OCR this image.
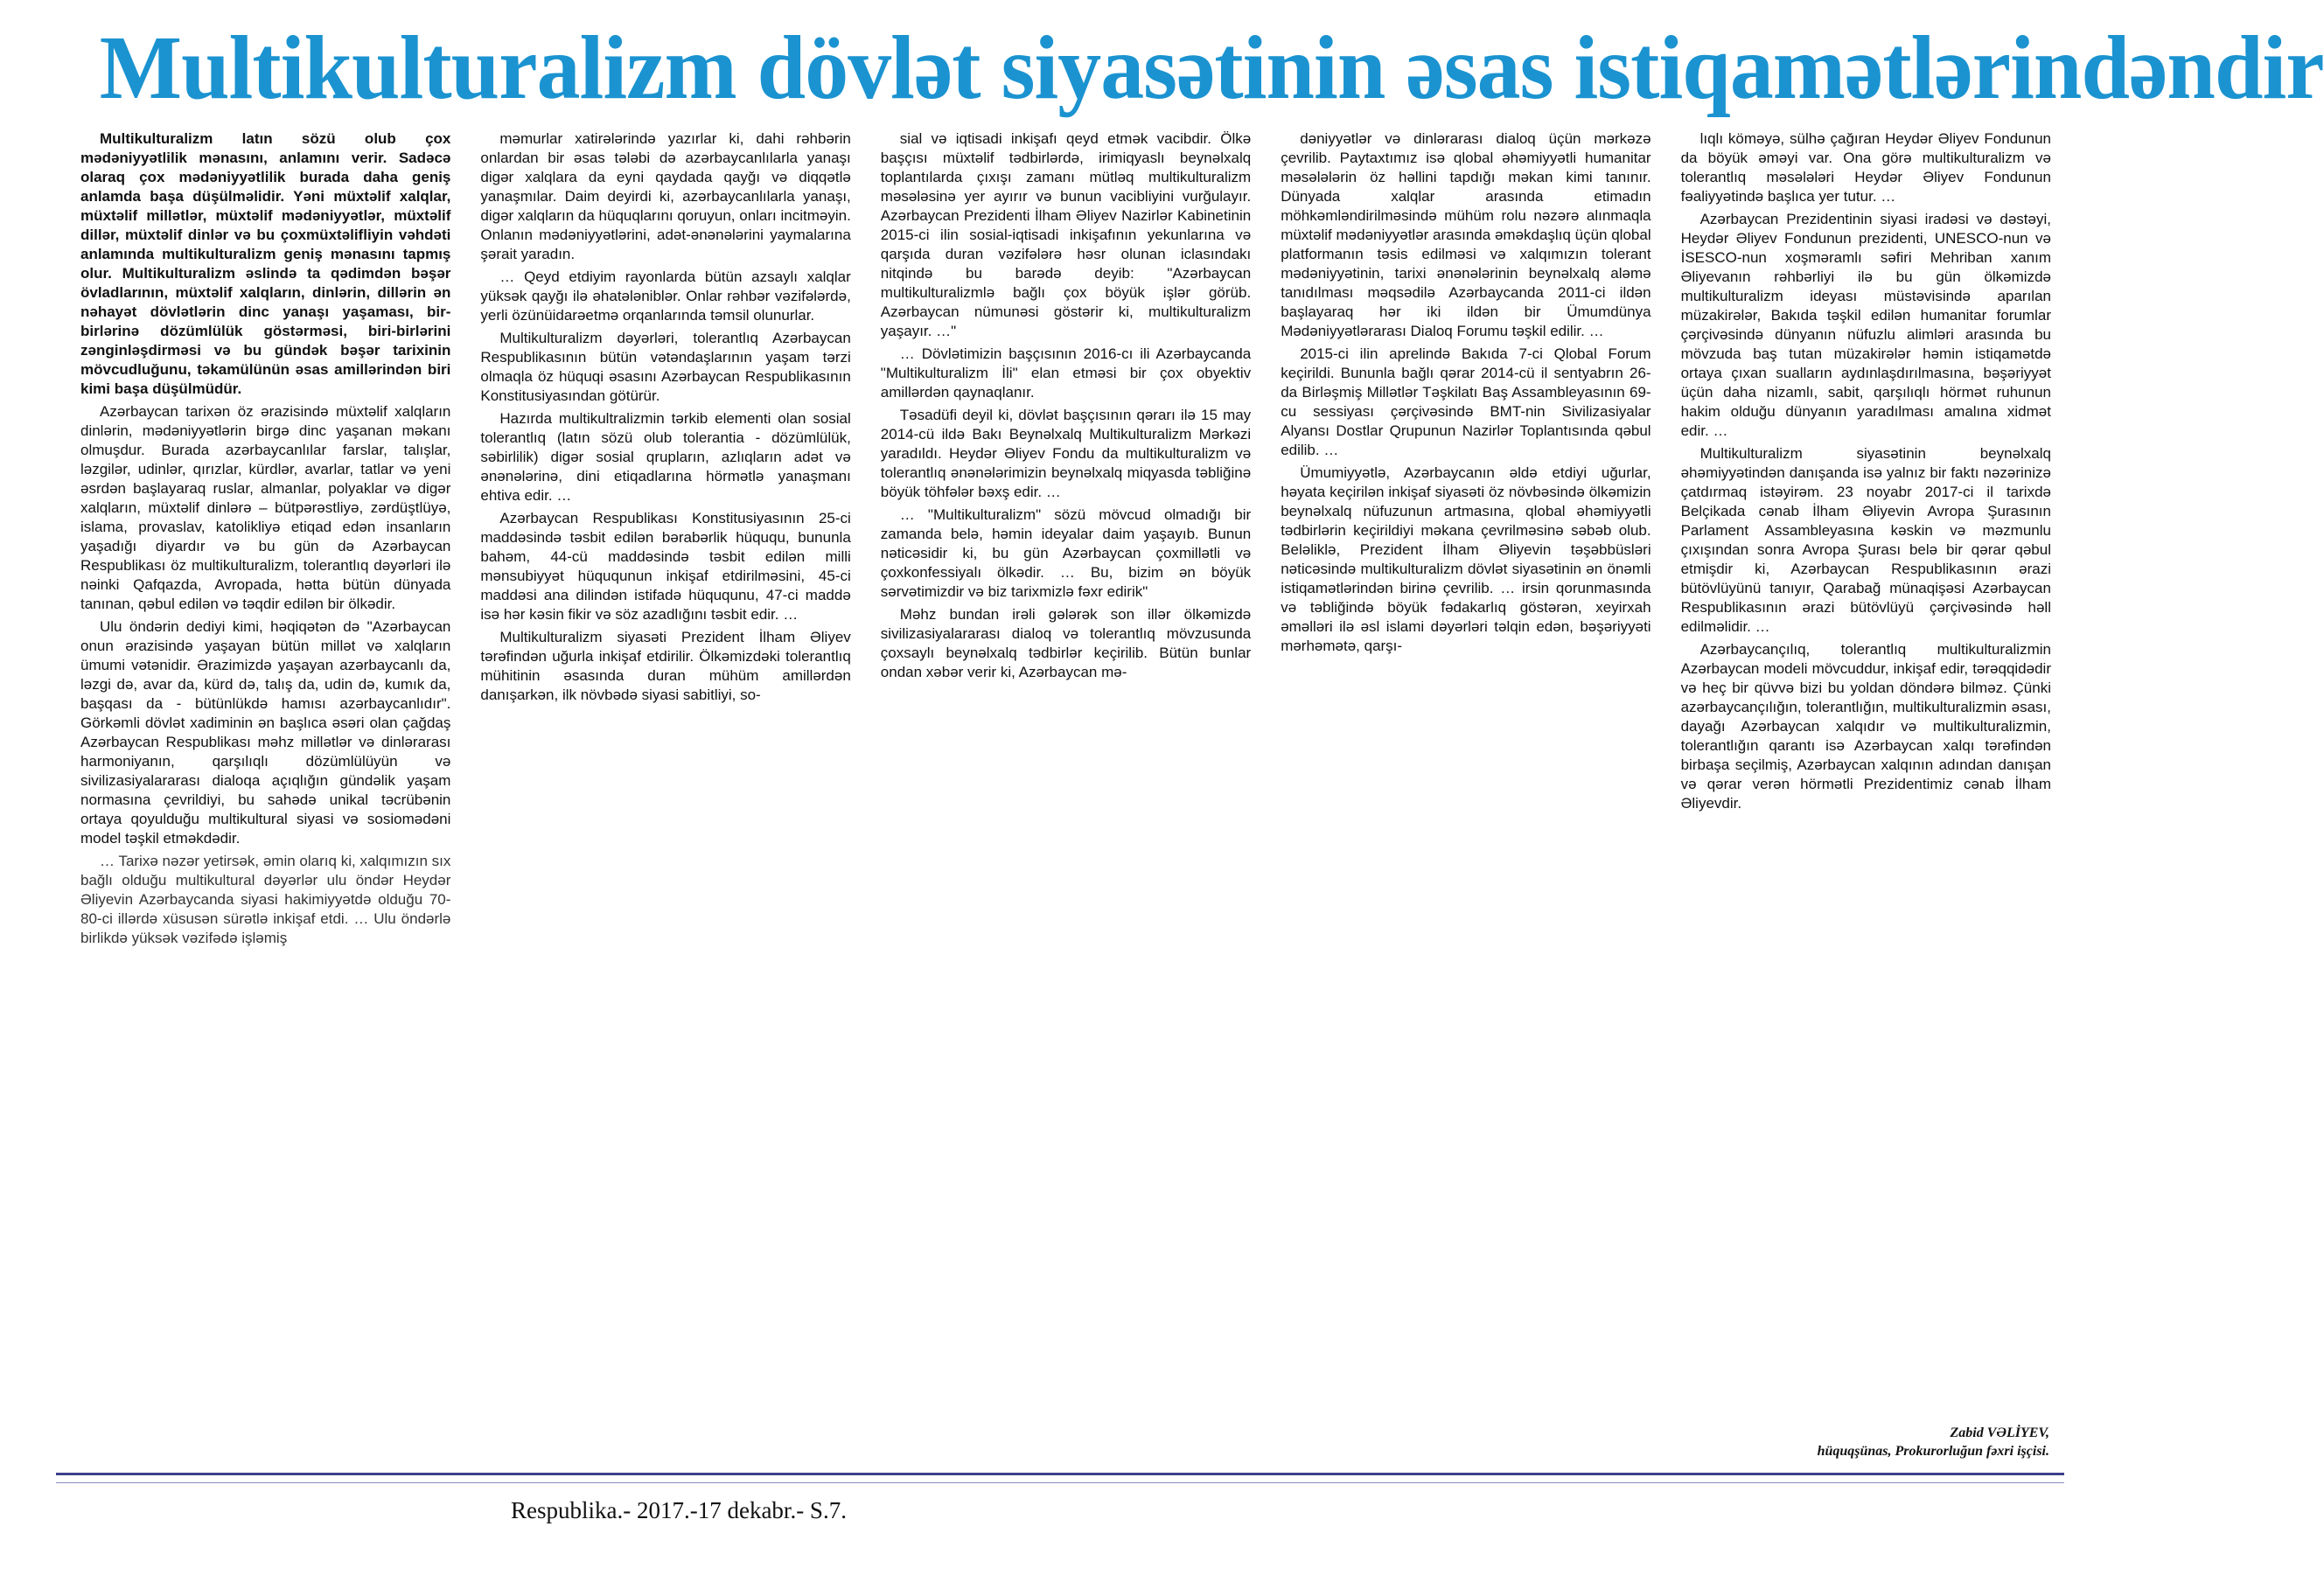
Multikulturalizm dövlət siyasətinin əsas istiqamətlərindəndir

Multikulturalizm latın sözü olub çox mədəniyyətlilik mənasını, anlamını verir. Sadəcə olaraq çox mədəniyyətlilik burada daha geniş anlamda başa düşülməlidir. Yəni müxtəlif xalqlar, müxtəlif millətlər, müxtəlif mədəniyyətlər, müxtəlif dillər, müxtəlif dinlər və bu çoxmüxtəlifliyin vəhdəti anlamında multikulturalizm geniş mənasını tapmış olur. Multikulturalizm əslində ta qədimdən bəşər övladlarının, müxtəlif xalqların, dinlərin, dillərin ən nəhayət dövlətlərin dinc yanaşı yaşaması, bir-birlərinə dözümlülük göstərməsi, biri-birlərini zənginləşdirməsi və bu gündək bəşər tarixinin mövcudluğunu, təkamülünün əsas amillərindən biri kimi başa düşülmüdür.

Azərbaycan tarixən öz ərazisində müxtəlif xalqların dinlərin, mədəniyyətlərin birgə dinc yaşanan məkanı olmuşdur. Burada azərbaycanlılar farslar, talışlar, ləzgilər, udinlər, qırızlar, kürdlər, avarlar, tatlar və yeni əsrdən başlayaraq ruslar, almanlar, polyaklar və digər xalqların, müxtəlif dinlərə – bütpərəstliyə, zərdüştlüyə, islama, provaslav, katolikliyə etiqad edən insanların yaşadığı diyardır və bu gün də Azərbaycan Respublikası öz multikulturalizm, tolerantlıq dəyərləri ilə nəinki Qafqazda, Avropada, hətta bütün dünyada tanınan, qəbul edilən və təqdir edilən bir ölkədir.

Ulu öndərin dediyi kimi, həqiqətən də "Azərbaycan onun ərazisində yaşayan bütün millət və xalqların ümumi vətənidir. Ərazimizdə yaşayan azərbaycanlı da, ləzgi də, avar da, kürd də, talış da, udin də, kumık da, başqası da - bütünlükdə hamısı azərbaycanlıdır". Görkəmli dövlət xadiminin ən başlıca əsəri olan çağdaş Azərbaycan Respublikası məhz millətlər və dinlərarası harmoniyanın, qarşılıqlı dözümlülüyün və sivilizasiyalararası dialoqa açıqlığın gündəlik yaşam normasına çevrildiyi, bu sahədə unikal təcrübənin ortaya qoyulduğu multikultural siyasi və sosiomədəni model təşkil etməkdədir.

… Tarixə nəzər yetirsək, əmin olarıq ki, xalqımızın sıx bağlı olduğu multikultural dəyərlər ulu öndər Heydər Əliyevin Azərbaycanda siyasi hakimiyyətdə olduğu 70-80-ci illərdə xüsusən sürətlə inkişaf etdi. … Ulu öndərlə birlikdə yüksək vəzifədə işləmiş

məmurlar xatirələrində yazırlar ki, dahi rəhbərin onlardan bir əsas tələbi də azərbaycanlılarla yanaşı digər xalqlara da eyni qaydada qayğı və diqqətlə yanaşmılar. Daim deyirdi ki, azərbaycanlılarla yanaşı, digər xalqların da hüquqlarını qoruyun, onları incitməyin. Onlanın mədəniyyətlərini, adət-ənənələrini yaymalarına şərait yaradın.

… Qeyd etdiyim rayonlarda bütün azsaylı xalqlar yüksək qayğı ilə əhatələniblər. Onlar rəhbər vəzifələrdə, yerli özünüidarəetmə orqanlarında təmsil olunurlar.

Multikulturalizm dəyərləri, tolerantlıq Azərbaycan Respublikasının bütün vətəndaşlarının yaşam tərzi olmaqla öz hüquqi əsasını Azərbaycan Respublikasının Konstitusiyasından götürür.

Hazırda multikultralizmin tərkib elementi olan sosial tolerantlıq (latın sözü olub tolerantia - dözümlülük, səbirlilik) digər sosial qrupların, azlıqların adət və ənənələrinə, dini etiqadlarına hörmətlə yanaşmanı ehtiva edir. …

Azərbaycan Respublikası Konstitusiyasının 25-ci maddəsində təsbit edilən bərabərlik hüququ, bununla bahəm, 44-cü maddəsində təsbit edilən milli mənsubiyyət hüququnun inkişaf etdirilməsini, 45-ci maddəsi ana dilindən istifadə hüququnu, 47-ci maddə isə hər kəsin fikir və söz azadlığını təsbit edir. …

Multikulturalizm siyasəti Prezident İlham Əliyev tərəfindən uğurla inkişaf etdirilir. Ölkəmizdəki tolerantlıq mühitinin əsasında duran mühüm amillərdən danışarkən, ilk növbədə siyasi sabitliyi, so-

sial və iqtisadi inkişafı qeyd etmək vacibdir. Ölkə başçısı müxtəlif tədbirlərdə, irimiqyaslı beynəlxalq toplantılarda çıxışı zamanı mütləq multikulturalizm məsələsinə yer ayırır və bunun vacibliyini vurğulayır. Azərbaycan Prezidenti İlham Əliyev Nazirlər Kabinetinin 2015-ci ilin sosial-iqtisadi inkişafının yekunlarına və qarşıda duran vəzifələrə həsr olunan iclasındakı nitqində bu barədə deyib: "Azərbaycan multikulturalizmlə bağlı çox böyük işlər görüb. Azərbaycan nümunəsi göstərir ki, multikulturalizm yaşayır. …"

… Dövlətimizin başçısının 2016-cı ili Azərbaycanda "Multikulturalizm İli" elan etməsi bir çox obyektiv amillərdən qaynaqlanır.

Təsadüfi deyil ki, dövlət başçısının qərarı ilə 15 may 2014-cü ildə Bakı Beynəlxalq Multikulturalizm Mərkəzi yaradıldı. Heydər Əliyev Fondu da multikulturalizm və tolerantlıq ənənələrimizin beynəlxalq miqyasda təbliğinə böyük töhfələr bəxş edir. …

… "Multikulturalizm" sözü mövcud olmadığı bir zamanda belə, həmin ideyalar daim yaşayıb. Bunun nəticəsidir ki, bu gün Azərbaycan çoxmillətli və çoxkonfessiyalı ölkədir. … Bu, bizim ən böyük sərvətimizdir və biz tarixmizlə fəxr edirik"

Məhz bundan irəli gələrək son illər ölkəmizdə sivilizasiyalararası dialoq və tolerantlıq mövzusunda çoxsaylı beynəlxalq tədbirlər keçirilib. Bütün bunlar ondan xəbər verir ki, Azərbaycan mə-

dəniyyətlər və dinlərarası dialoq üçün mərkəzə çevrilib. Paytaxtımız isə qlobal əhəmiyyətli humanitar məsələlərin öz həllini tapdığı məkan kimi tanınır. Dünyada xalqlar arasında etimadın möhkəmləndirilməsində mühüm rolu nəzərə alınmaqla müxtəlif mədəniyyətlər arasında əməkdaşlıq üçün qlobal platformanın təsis edilməsi və xalqımızın tolerant mədəniyyətinin, tarixi ənənələrinin beynəlxalq aləmə tanıdılması məqsədilə Azərbaycanda 2011-ci ildən başlayaraq hər iki ildən bir Ümumdünya Mədəniyyətlərarası Dialoq Forumu təşkil edilir. …

2015-ci ilin aprelində Bakıda 7-ci Qlobal Forum keçirildi. Bununla bağlı qərar 2014-cü il sentyabrın 26-da Birləşmiş Millətlər Təşkilatı Baş Assambleyasının 69-cu sessiyası çərçivəsində BMT-nin Sivilizasiyalar Alyansı Dostlar Qrupunun Nazirlər Toplantısında qəbul edilib. …

Ümumiyyətlə, Azərbaycanın əldə etdiyi uğurlar, həyata keçirilən inkişaf siyasəti öz növbəsində ölkəmizin beynəlxalq nüfuzunun artmasına, qlobal əhəmiyyətli tədbirlərin keçirildiyi məkana çevrilməsinə səbəb olub. Beləliklə, Prezident İlham Əliyevin təşəbbüsləri nəticəsində multikulturalizm dövlət siyasətinin ən önəmli istiqamətlərindən birinə çevrilib. … irsin qorunmasında və təbliğində böyük fədakarlıq göstərən, xeyirxah əməlləri ilə əsl islami dəyərləri təlqin edən, bəşəriyyəti mərhəmətə, qarşı-

lıqlı köməyə, sülhə çağıran Heydər Əliyev Fondunun da böyük əməyi var. Ona görə multikulturalizm və tolerantlıq məsələləri Heydər Əliyev Fondunun fəaliyyətində başlıca yer tutur. …

Azərbaycan Prezidentinin siyasi iradəsi və dəstəyi, Heydər Əliyev Fondunun prezidenti, UNESCO-nun və İSESCO-nun xoşməramlı səfiri Mehriban xanım Əliyevanın rəhbərliyi ilə bu gün ölkəmizdə multikulturalizm ideyası müstəvisində aparılan müzakirələr, Bakıda təşkil edilən humanitar forumlar çərçivəsində dünyanın nüfuzlu alimləri arasında bu mövzuda baş tutan müzakirələr həmin istiqamətdə ortaya çıxan sualların aydınlaşdırılmasına, bəşəriyyət üçün daha nizamlı, sabit, qarşılıqlı hörmət ruhunun hakim olduğu dünyanın yaradılması amalına xidmət edir. …

Multikulturalizm siyasətinin beynəlxalq əhəmiyyətindən danışanda isə yalnız bir faktı nəzərinizə çatdırmaq istəyirəm. 23 noyabr 2017-ci il tarixdə Belçikada cənab İlham Əliyevin Avropa Şurasının Parlament Assambleyasına kəskin və məzmunlu çıxışından sonra Avropa Şurası belə bir qərar qəbul etmişdir ki, Azərbaycan Respublikasının ərazi bütövlüyünü tanıyır, Qarabağ münaqişəsi Azərbaycan Respublikasının ərazi bütövlüyü çərçivəsində həll edilməlidir. …

Azərbaycançılıq, tolerantlıq multikulturalizmin Azərbaycan modeli mövcuddur, inkişaf edir, tərəqqidədir və heç bir qüvvə bizi bu yoldan döndərə bilməz. Çünki azərbaycançılığın, tolerantlığın, multikulturalizmin əsası, dayağı Azərbaycan xalqıdır və multikulturalizmin, tolerantlığın qarantı isə Azərbaycan xalqı tərəfindən birbaşa seçilmiş, Azərbaycan xalqının adından danışan və qərar verən hörmətli Prezidentimiz cənab İlham Əliyevdir.

Zabid VƏLİYEV,
hüquqşünas, Prokurorluğun fəxri işçisi.
Respublika.- 2017.-17 dekabr.- S.7.
